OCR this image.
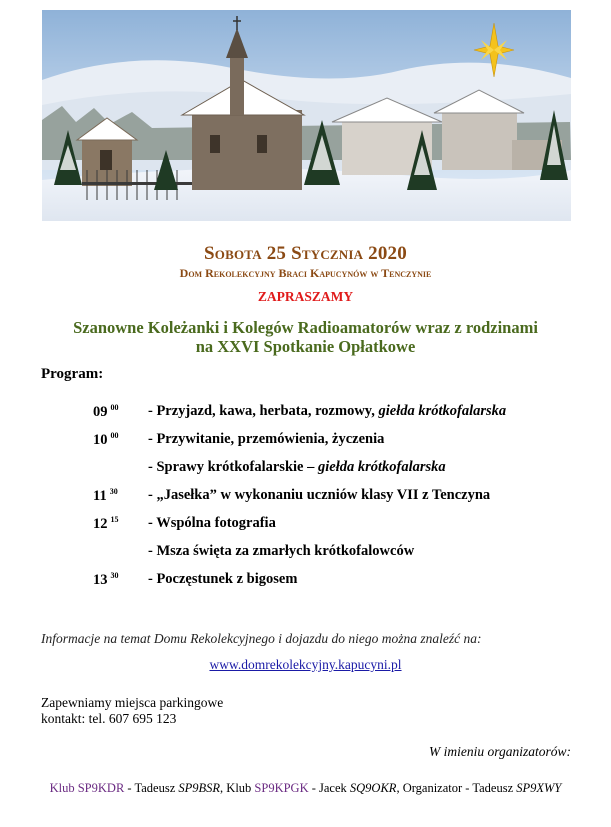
Sobota 25 Stycznia 2020
Dom Rekolekcyjny Braci Kapucynów w Tenczynie
ZAPRASZAMY
Szanowne Koleżanki i Kolegów Radioamatorów wraz z rodzinami
na XXVI Spotkanie Opłatkowe
Program:
09 $^{00}$ - Przyjazd, kawa, herbata, rozmowy, giełda krótkofalarska
10 $^{00}$ - Przywitanie, przemówienia, życzenia
- Sprawy krótkofalarskie – giełda krótkofalarska
11 $^{30}$ - „Jasełka” w wykonaniu uczniów klasy VII z Tenczyna
12 $^{15}$ - Wspólna fotografia
- Msza święta za zmarłych krótkofalowców
13 $^{30}$ - Poczęstunek z bigosem
Informacje na temat Domu Rekolekcyjnego i dojazdu do niego można znaleźć na:
www.domrekolekcyjny.kapucyni.pl
Zapewniamy miejsca parkingowe
kontakt: tel. 607 695 123
W imieniu organizatorów:
Klub SP9KDR - Tadeusz SP9BSR, Klub SP9KPGK - Jacek SQ9OKR, Organizator - Tadeusz SP9XWY
